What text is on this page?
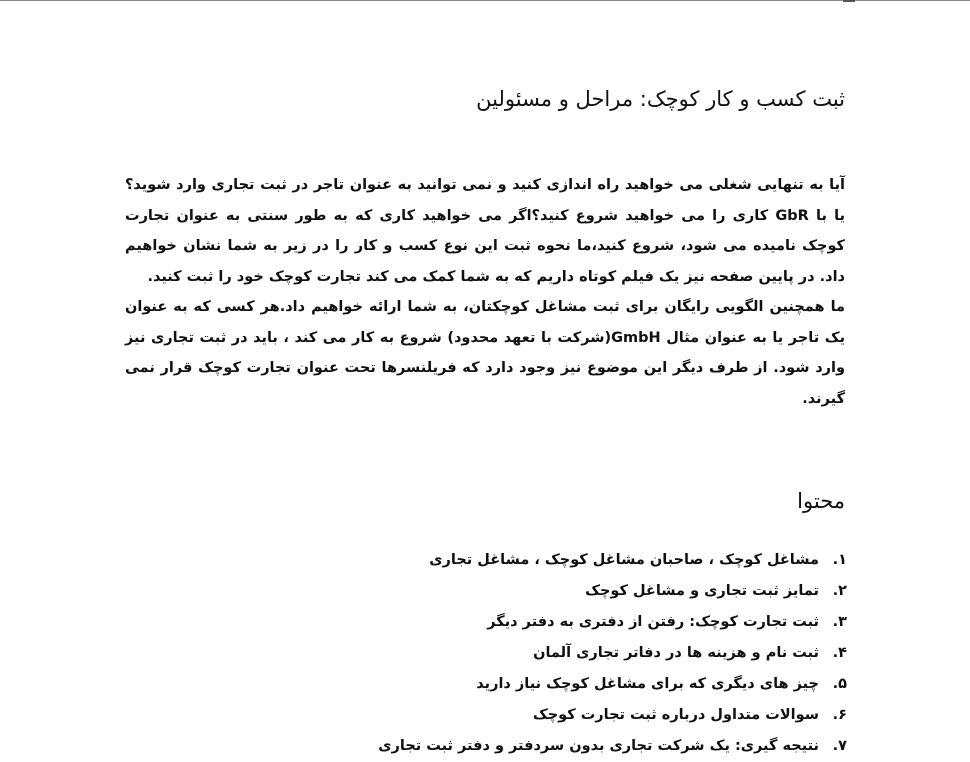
ثبت کسب و کار کوچک: مراحل و مسئولین

آیا به تنهایی شغلی می خواهید راه اندازی کنید و نمی توانید به عنوان تاجر در ثبت تجاری وارد شوید؟یا با GbR کاری را می خواهید شروع کنید؟اگر می خواهید کاری که به طور سنتی به عنوان تجارت کوچک نامیده می شود، شروع کنید،ما نحوه ثبت این نوع کسب و کار را در زیر به شما نشان خواهیم داد. در پایین صفحه نیز یک فیلم کوتاه داریم که به شما کمک می کند تجارت کوچک خود را ثبت کنید.

ما همچنین الگویی رایگان برای ثبت مشاغل کوچکتان، به شما ارائه خواهیم داد.هر کسی که به عنوان یک تاجر یا به عنوان مثال GmbH(شرکت با تعهد محدود) شروع به کار می کند ، باید در ثبت تجاری نیز وارد شود. از طرف دیگر این موضوع نیز وجود دارد که فریلنسرها تحت عنوان تجارت کوچک قرار نمی گیرند.

محتوا
۱.
مشاغل کوچک ، صاحبان مشاغل کوچک ، مشاغل تجاری
۲.
تمایز ثبت تجاری و مشاغل کوچک
۳.
ثبت تجارت کوچک: رفتن از دفتری به دفتر دیگر
۴.
ثبت نام و هزینه ها در دفاتر تجاری آلمان
۵.
چیز های دیگری که برای مشاغل کوچک نیاز دارید
۶.
سوالات متداول درباره ثبت تجارت کوچک
۷.
نتیجه گیری: یک شرکت تجاری بدون سردفتر و دفتر ثبت تجاری
